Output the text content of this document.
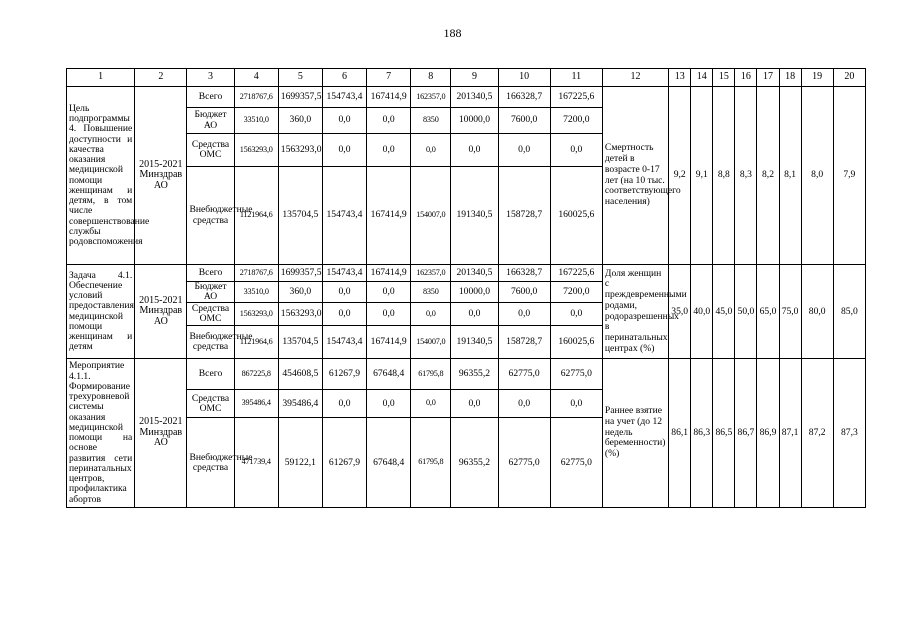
188
1	2	3	4	5	6	7	8	9	10	11	12	13	14	15	16	17	18	19	20
Цель подпрограммы 4. Повышение доступности и качества оказания медицинской помощи женщинам и детям, в том числе совершенствование службы родовспоможения	2015-2021 Минздрав АО	Всего	2718767,6	1699357,5	154743,4	167414,9	162357,0	201340,5	166328,7	167225,6	Смертность детей в возрасте 0-17 лет (на 10 тыс. соответствующего населения)	9,2	9,1	8,8	8,3	8,2	8,1	8,0	7,9
		Бюджет АО	33510,0	360,0	0,0	0,0	8350	10000,0	7600,0	7200,0									
		Средства ОМС	1563293,0	1563293,0	0,0	0,0	0,0	0,0	0,0	0,0									
		Внебюджетные средства	1121964,6	135704,5	154743,4	167414,9	154007,0	191340,5	158728,7	160025,6									
Задача 4.1. Обеспечение условий предоставления медицинской помощи женщинам и детям	2015-2021 Минздрав АО	Всего	2718767,6	1699357,5	154743,4	167414,9	162357,0	201340,5	166328,7	167225,6	Доля женщин с преждевременными родами, родоразрешенных в перинатальных центрах (%)	35,0	40,0	45,0	50,0	65,0	75,0	80,0	85,0
		Бюджет АО	33510,0	360,0	0,0	0,0	8350	10000,0	7600,0	7200,0									
		Средства ОМС	1563293,0	1563293,0	0,0	0,0	0,0	0,0	0,0	0,0									
		Внебюджетные средства	1121964,6	135704,5	154743,4	167414,9	154007,0	191340,5	158728,7	160025,6									
Мероприятие 4.1.1. Формирование трехуровневой системы оказания медицинской помощи на основе развития сети перинатальных центров, профилактика абортов	2015-2021 Минздрав АО	Всего	867225,8	454608,5	61267,9	67648,4	61795,8	96355,2	62775,0	62775,0	Раннее взятие на учет (до 12 недель беременности) (%)	86,1	86,3	86,5	86,7	86,9	87,1	87,2	87,3
		Средства ОМС	395486,4	395486,4	0,0	0,0	0,0	0,0	0,0	0,0									
		Внебюджетные средства	471739,4	59122,1	61267,9	67648,4	61795,8	96355,2	62775,0	62775,0									
